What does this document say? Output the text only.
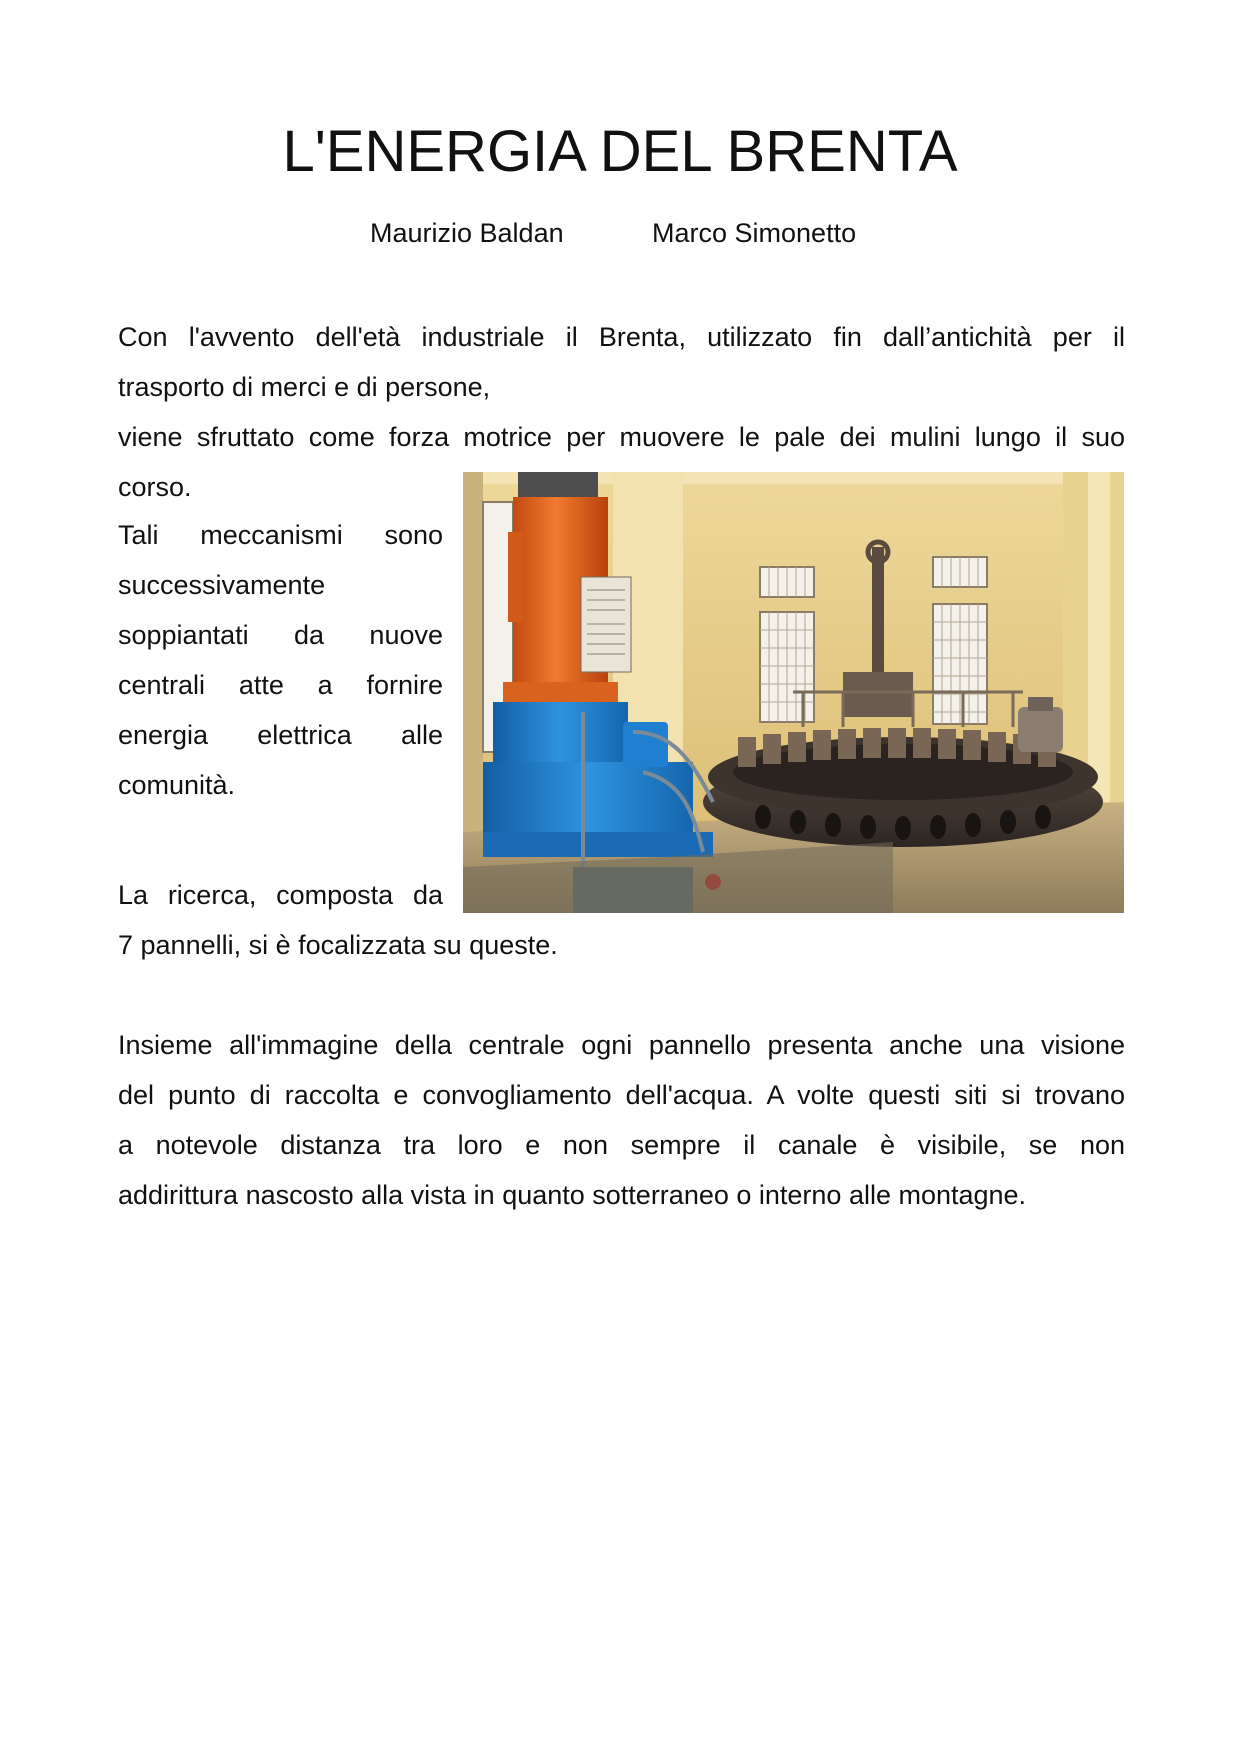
L'ENERGIA DEL BRENTA
Maurizio Baldan	Marco Simonetto

Con l'avvento dell'età industriale il Brenta, utilizzato fin dall’antichità per il
trasporto di merci e di persone,
viene sfruttato come forza motrice per muovere le pale dei mulini lungo il suo
corso.

Tali meccanismi sono
successivamente
soppiantati da nuove
centrali atte a fornire
energia elettrica alle
comunità.

La ricerca, composta da
7 pannelli, si è focalizzata su queste.

Insieme all'immagine della centrale ogni pannello presenta anche una visione
del punto di raccolta e convogliamento dell'acqua. A volte questi siti si trovano
a notevole distanza tra loro e non sempre il canale è visibile, se non
addirittura nascosto alla vista in quanto sotterraneo o interno alle montagne.
